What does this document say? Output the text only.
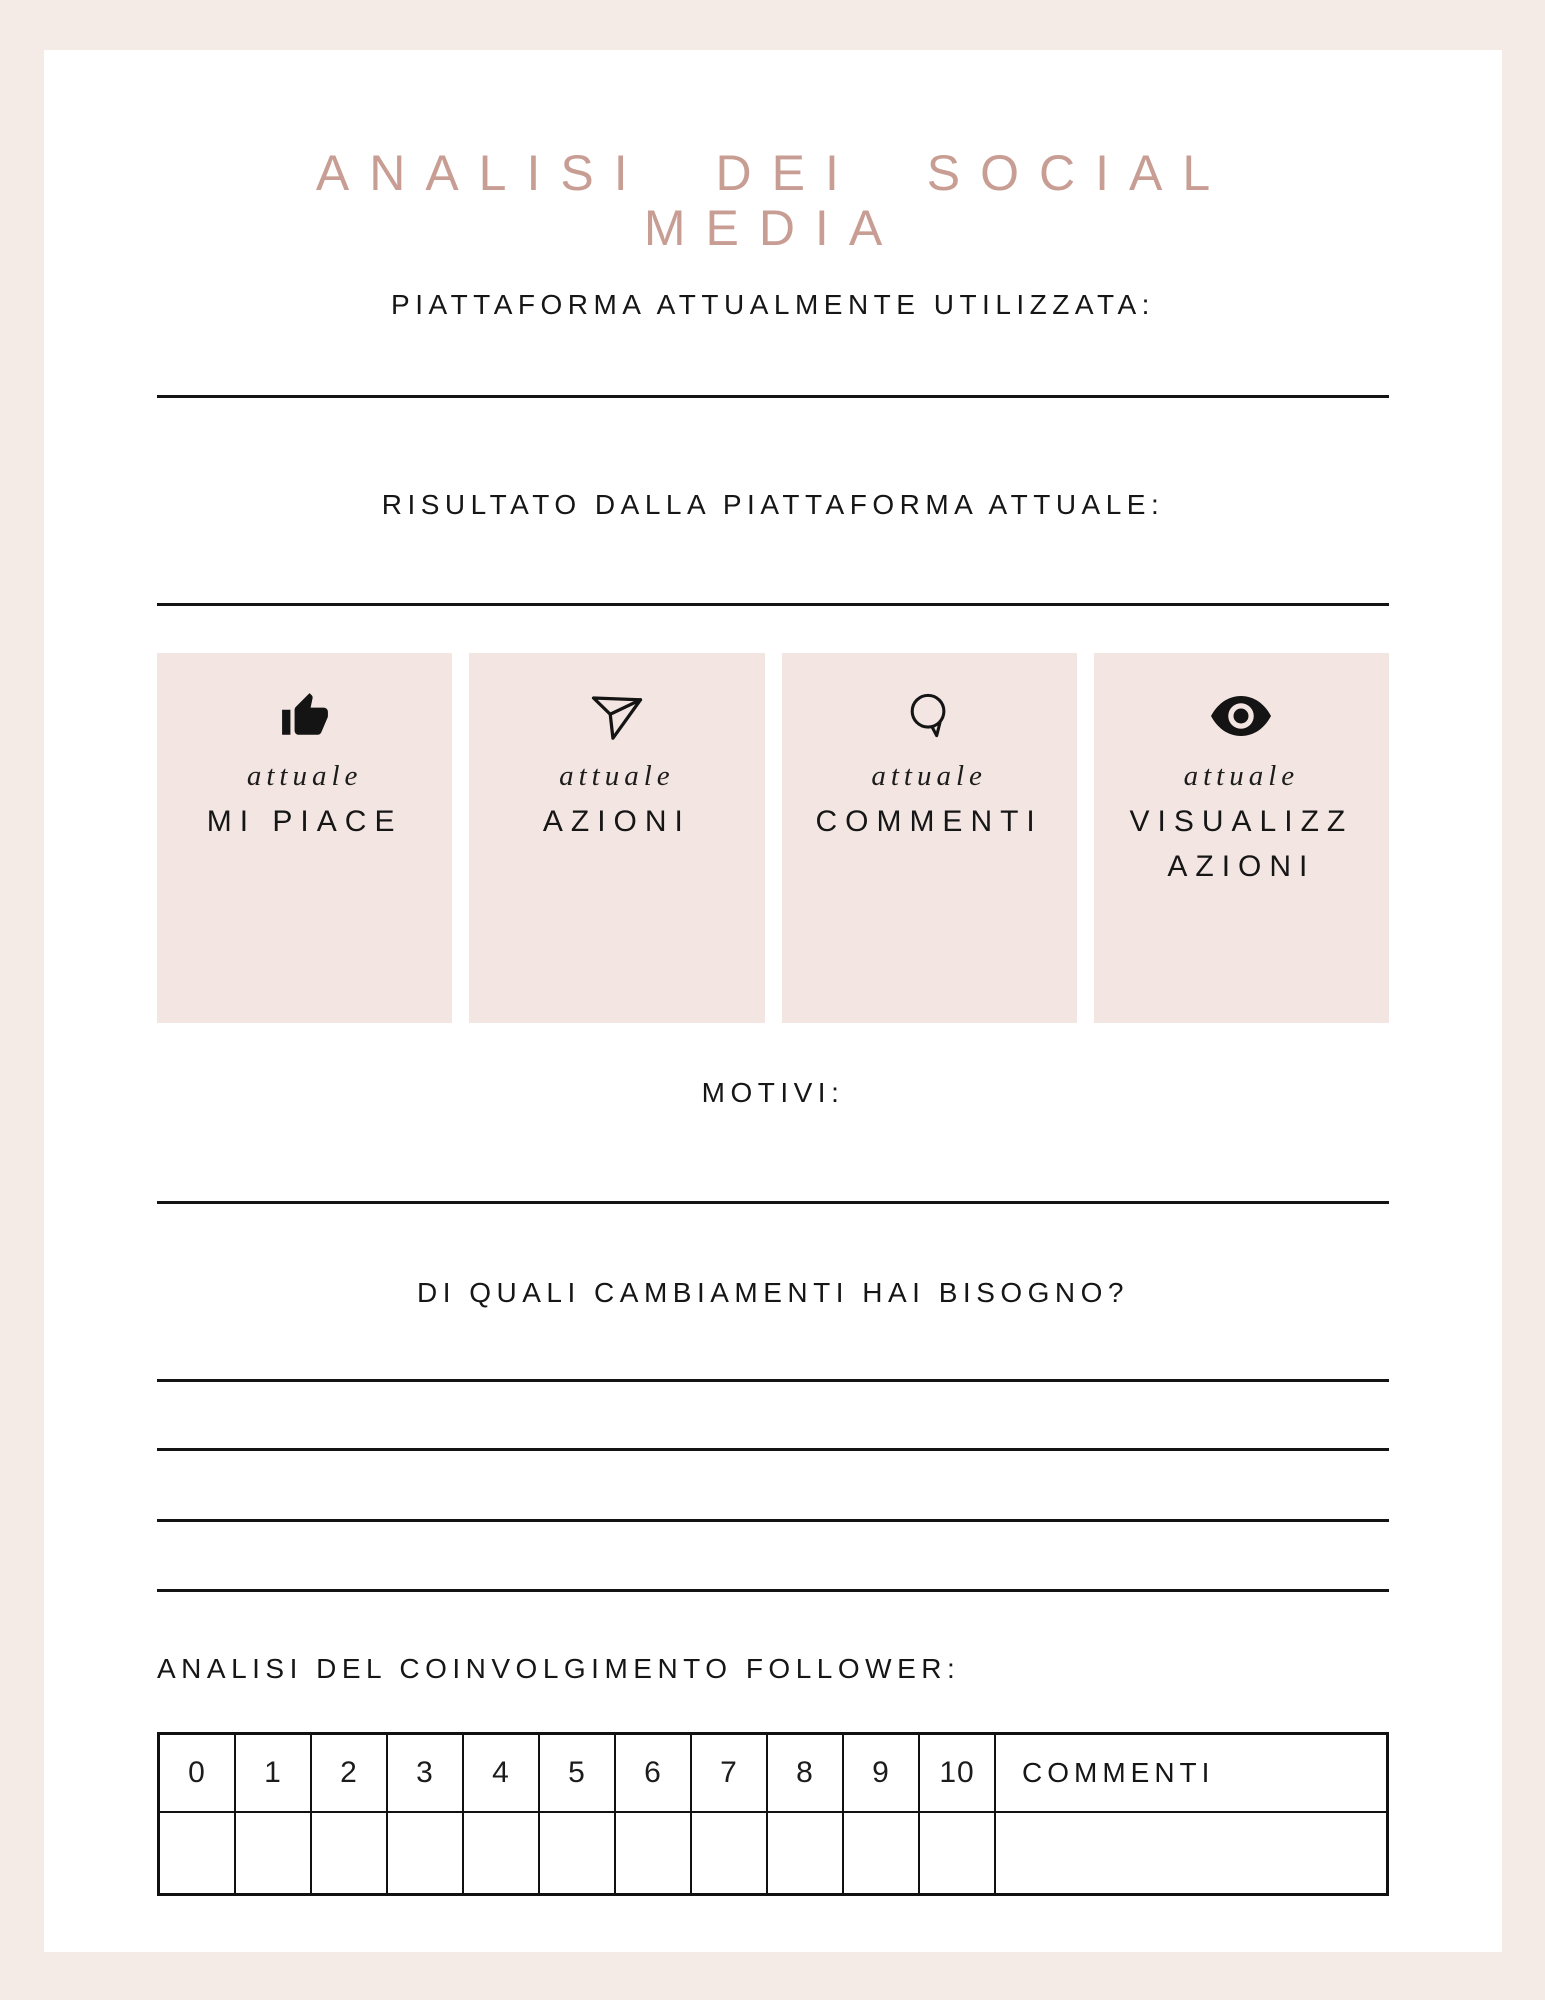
ANALISI DEI SOCIAL MEDIA
PIATTAFORMA ATTUALMENTE UTILIZZATA:
RISULTATO DALLA PIATTAFORMA ATTUALE:
attuale
MI PIACE
attuale
AZIONI
attuale
COMMENTI
attuale
VISUALIZZAZIONI
MOTIVI:
DI QUALI CAMBIAMENTI HAI BISOGNO?
ANALISI DEL COINVOLGIMENTO FOLLOWER:
0	1	2	3	4	5	6	7	8	9	10	COMMENTI
